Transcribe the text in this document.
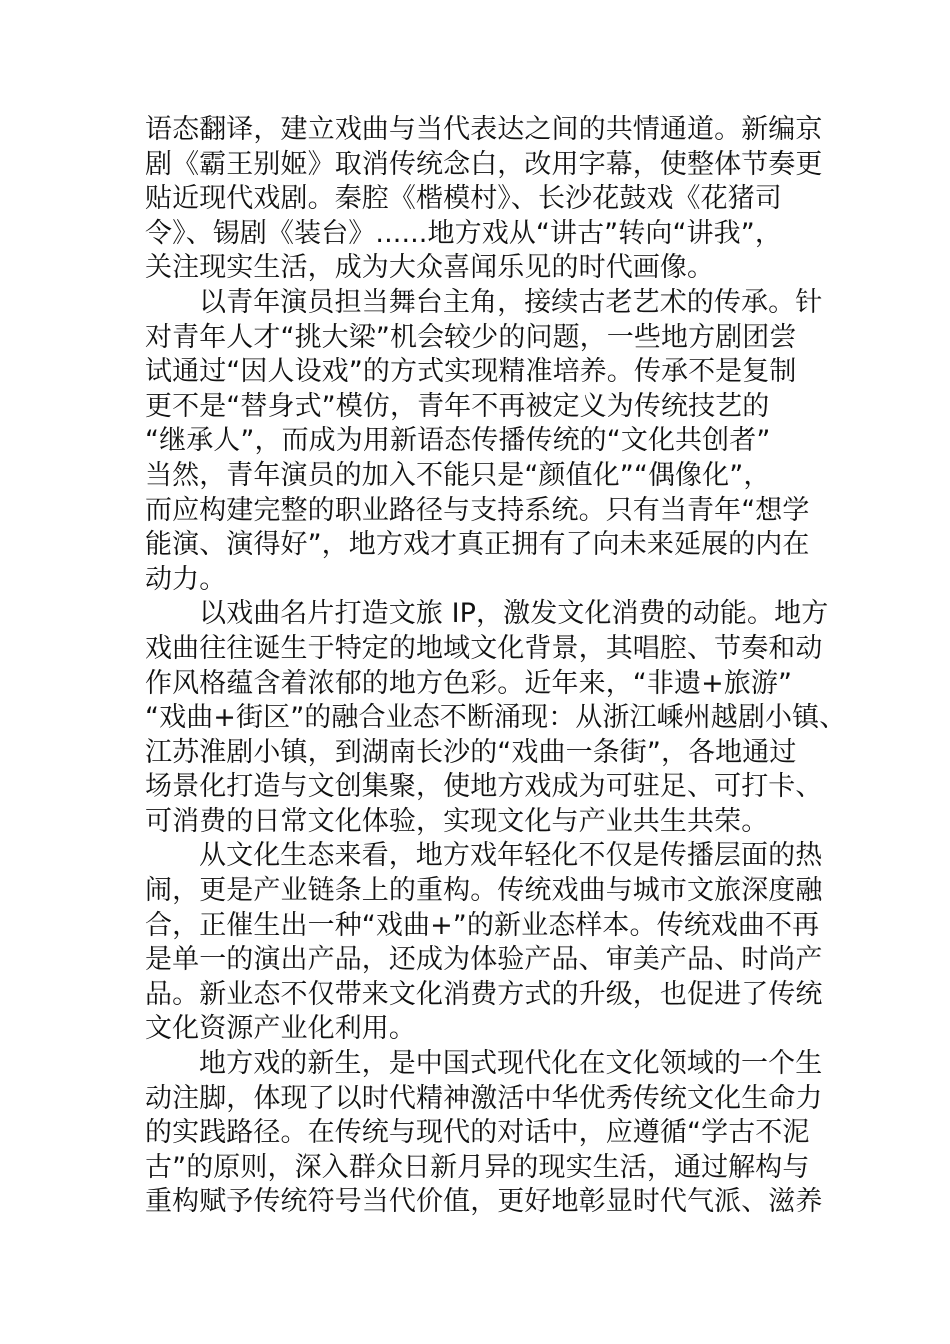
语态翻译，建立戏曲与当代表达之间的共情通道。新编京
剧《霸王别姬》取消传统念白，改用字幕，使整体节奏更
贴近现代戏剧。秦腔《楷模村》、长沙花鼓戏《花猪司
令》、锡剧《装台》......地方戏从“讲古”转向“讲我”，
关注现实生活，成为大众喜闻乐见的时代画像。
以青年演员担当舞台主角，接续古老艺术的传承。针
对青年人才“挑大梁”机会较少的问题，一些地方剧团尝
试通过“因人设戏”的方式实现精准培养。传承不是复制
更不是“替身式”模仿，青年不再被定义为传统技艺的
“继承人”，而成为用新语态传播传统的“文化共创者”
当然，青年演员的加入不能只是“颜值化”“偶像化”，
而应构建完整的职业路径与支持系统。只有当青年“想学
能演、演得好”，地方戏才真正拥有了向未来延展的内在
动力。
以戏曲名片打造文旅 IP，激发文化消费的动能。地方
戏曲往往诞生于特定的地域文化背景，其唱腔、节奏和动
作风格蕴含着浓郁的地方色彩。近年来，“非遗+旅游”
“戏曲+街区”的融合业态不断涌现：从浙江嵊州越剧小镇、
江苏淮剧小镇，到湖南长沙的“戏曲一条街”，各地通过
场景化打造与文创集聚，使地方戏成为可驻足、可打卡、
可消费的日常文化体验，实现文化与产业共生共荣。
从文化生态来看，地方戏年轻化不仅是传播层面的热
闹，更是产业链条上的重构。传统戏曲与城市文旅深度融
合，正催生出一种“戏曲+”的新业态样本。传统戏曲不再
是单一的演出产品，还成为体验产品、审美产品、时尚产
品。新业态不仅带来文化消费方式的升级，也促进了传统
文化资源产业化利用。
地方戏的新生，是中国式现代化在文化领域的一个生
动注脚，体现了以时代精神激活中华优秀传统文化生命力
的实践路径。在传统与现代的对话中，应遵循“学古不泥
古”的原则，深入群众日新月异的现实生活，通过解构与
重构赋予传统符号当代价值，更好地彰显时代气派、滋养
